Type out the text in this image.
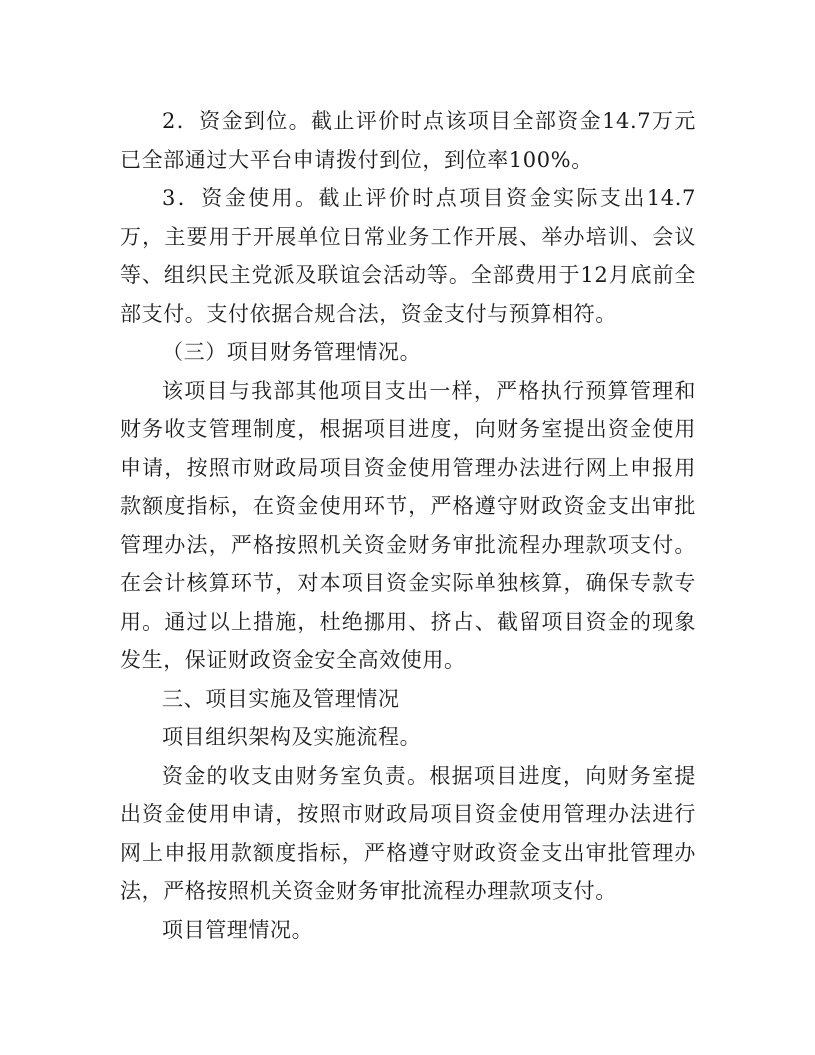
2．资金到位。截止评价时点该项目全部资金14.7万元已全部通过大平台申请拨付到位，到位率100%。

3．资金使用。截止评价时点项目资金实际支出14.7万，主要用于开展单位日常业务工作开展、举办培训、会议等、组织民主党派及联谊会活动等。全部费用于12月底前全部支付。支付依据合规合法，资金支付与预算相符。

（三）项目财务管理情况。

该项目与我部其他项目支出一样，严格执行预算管理和财务收支管理制度，根据项目进度，向财务室提出资金使用申请，按照市财政局项目资金使用管理办法进行网上申报用款额度指标，在资金使用环节，严格遵守财政资金支出审批管理办法，严格按照机关资金财务审批流程办理款项支付。在会计核算环节，对本项目资金实际单独核算，确保专款专用。通过以上措施，杜绝挪用、挤占、截留项目资金的现象发生，保证财政资金安全高效使用。

三、项目实施及管理情况

项目组织架构及实施流程。

资金的收支由财务室负责。根据项目进度，向财务室提出资金使用申请，按照市财政局项目资金使用管理办法进行网上申报用款额度指标，严格遵守财政资金支出审批管理办法，严格按照机关资金财务审批流程办理款项支付。

项目管理情况。
